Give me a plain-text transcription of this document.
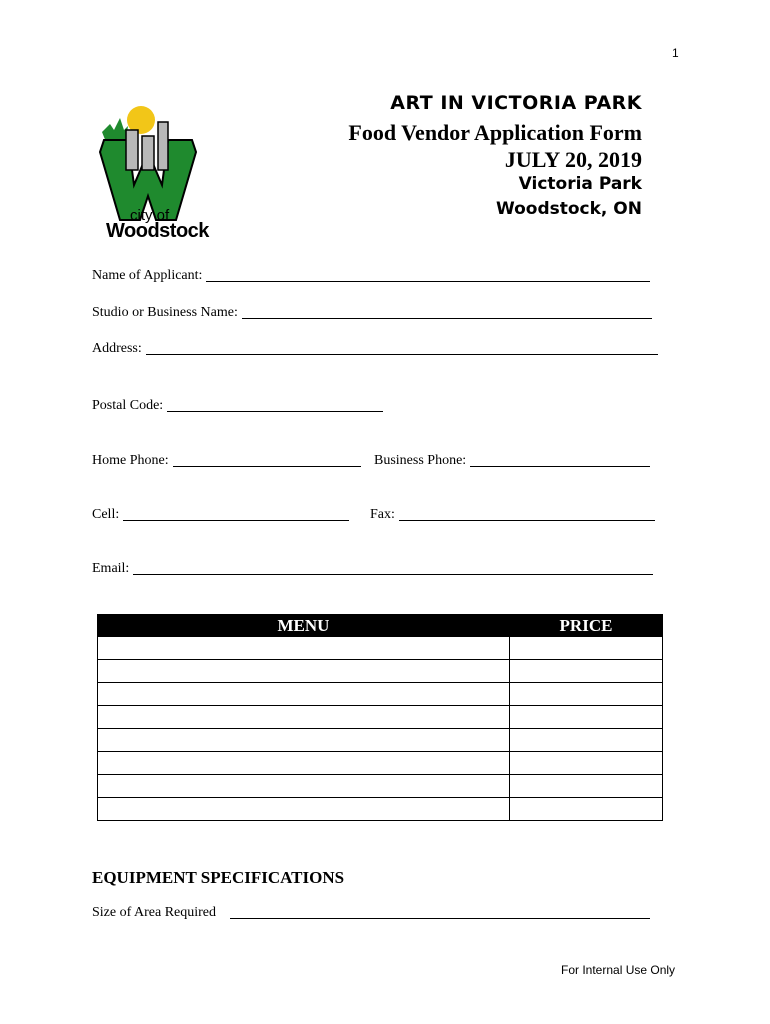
1
city of
Woodstock
ART IN VICTORIA PARK
Food Vendor Application Form
JULY 20, 2019
Victoria Park
Woodstock, ON
Name of Applicant:
Studio or Business Name:
Address:
Postal Code:
Home Phone:	Business Phone:
Cell:	Fax:
Email:
MENU	PRICE

EQUIPMENT SPECIFICATIONS
Size of Area Required
For Internal Use Only
